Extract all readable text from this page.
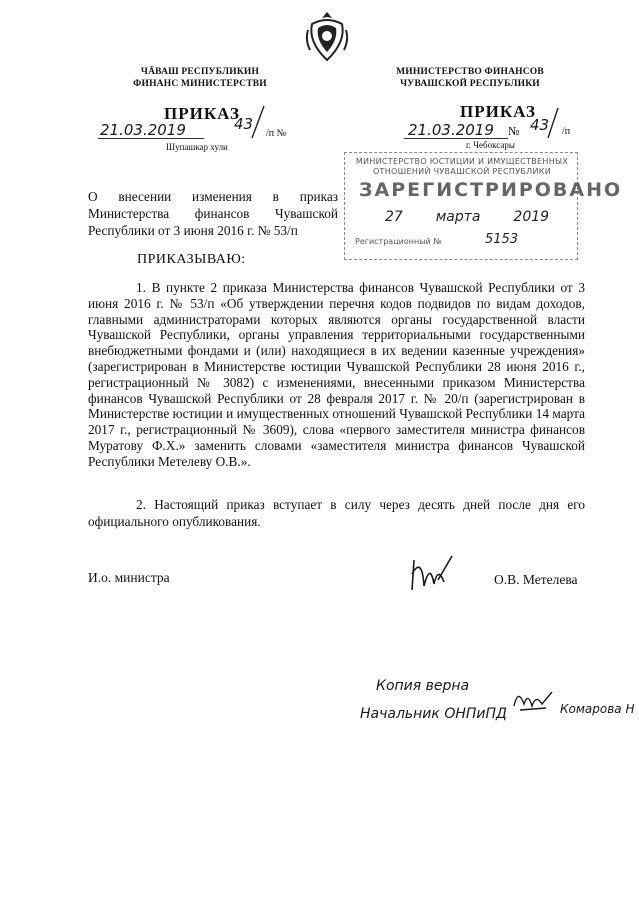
ЧĂВАШ РЕСПУБЛИКИН
ФИНАНС МИНИСТЕРСТВИ
МИНИСТЕРСТВО ФИНАНСОВ
ЧУВАШСКОЙ РЕСПУБЛИКИ
ПРИКАЗ
21.03.2019	43
/п №
Шупашкар хули
ПРИКАЗ
21.03.2019 № 43 /п
г. Чебоксары
МИНИСТЕРСТВО ЮСТИЦИИ И ИМУЩЕСТВЕННЫХ
ОТНОШЕНИЙ ЧУВАШСКОЙ РЕСПУБЛИКИ
ЗАРЕГИСТРИРОВАНО
27 марта 2019
Регистрационный №	5153
О внесении изменения в приказ Министерства финансов Чувашской Республики от 3 июня 2016 г. № 53/п
ПРИКАЗЫВАЮ:
1. В пункте 2 приказа Министерства финансов Чувашской Республики от 3 июня 2016 г. № 53/п «Об утверждении перечня кодов подвидов по видам доходов, главными администраторами которых являются органы государственной власти Чувашской Республики, органы управления территориальными государственными внебюджетными фондами и (или) находящиеся в их ведении казенные учреждения» (зарегистрирован в Министерстве юстиции Чувашской Республики 28 июня 2016 г., регистрационный № 3082) с изменениями, внесенными приказом Министерства финансов Чувашской Республики от 28 февраля 2017 г. № 20/п (зарегистрирован в Министерстве юстиции и имущественных отношений Чувашской Республики 14 марта 2017 г., регистрационный № 3609), слова «первого заместителя министра финансов Муратову Ф.Х.» заменить словами «заместителя министра финансов Чувашской Республики Метелеву О.В.».
2. Настоящий приказ вступает в силу через десять дней после дня его официального опубликования.
И.о. министра	О.В. Метелева
Копия верна
Начальник ОНПиПД	Комарова Н
